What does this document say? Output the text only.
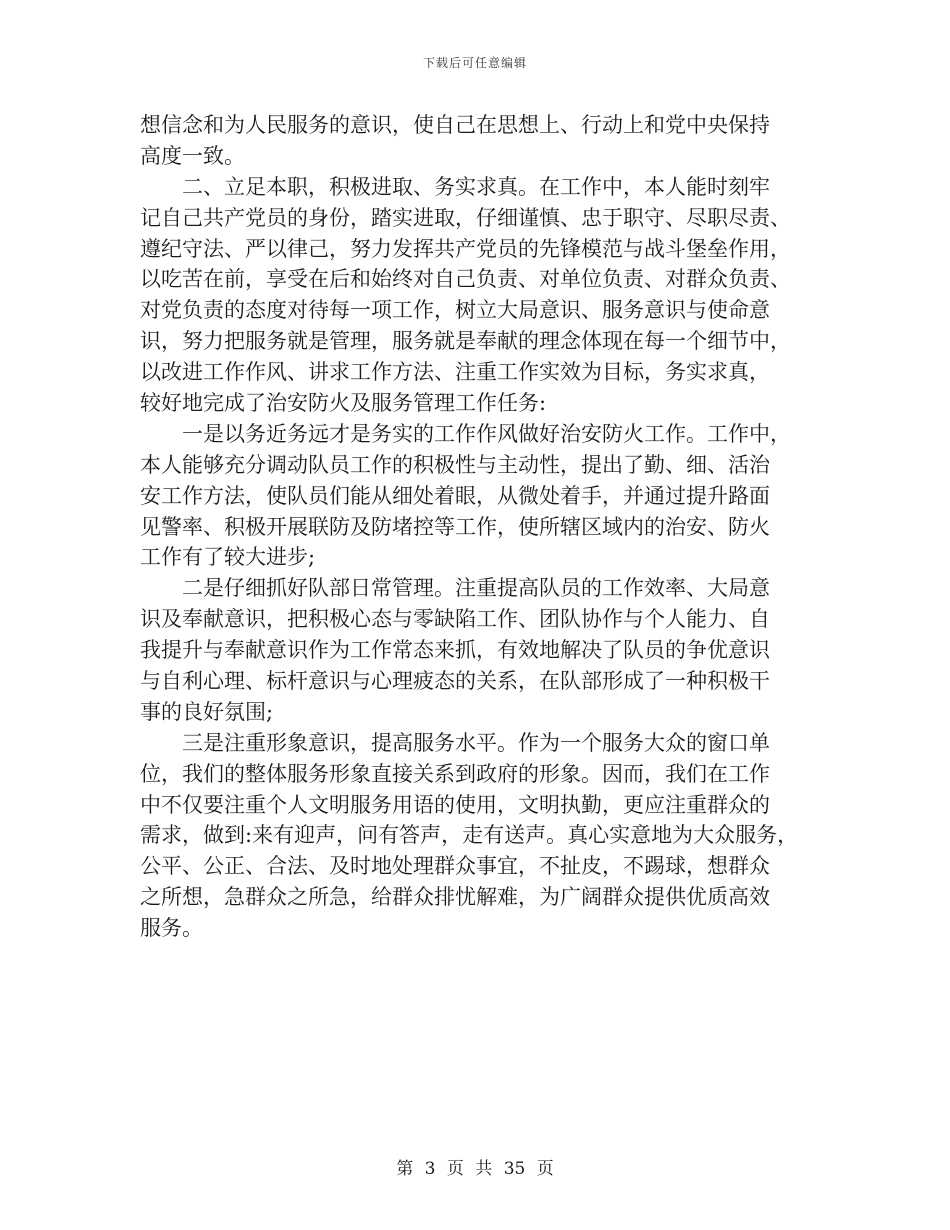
下载后可任意编辑
想信念和为人民服务的意识，使自己在思想上、行动上和党中央保持
高度一致。
二、立足本职，积极进取、务实求真。在工作中，本人能时刻牢
记自己共产党员的身份，踏实进取，仔细谨慎、忠于职守、尽职尽责、
遵纪守法、严以律己，努力发挥共产党员的先锋模范与战斗堡垒作用，
以吃苦在前，享受在后和始终对自己负责、对单位负责、对群众负责、
对党负责的态度对待每一项工作，树立大局意识、服务意识与使命意
识，努力把服务就是管理，服务就是奉献的理念体现在每一个细节中，
以改进工作作风、讲求工作方法、注重工作实效为目标，务实求真，
较好地完成了治安防火及服务管理工作任务:
一是以务近务远才是务实的工作作风做好治安防火工作。工作中，
本人能够充分调动队员工作的积极性与主动性，提出了勤、细、活治
安工作方法，使队员们能从细处着眼，从微处着手，并通过提升路面
见警率、积极开展联防及防堵控等工作，使所辖区域内的治安、防火
工作有了较大进步;
二是仔细抓好队部日常管理。注重提高队员的工作效率、大局意
识及奉献意识，把积极心态与零缺陷工作、团队协作与个人能力、自
我提升与奉献意识作为工作常态来抓，有效地解决了队员的争优意识
与自利心理、标杆意识与心理疲态的关系，在队部形成了一种积极干
事的良好氛围;
三是注重形象意识，提高服务水平。作为一个服务大众的窗口单
位，我们的整体服务形象直接关系到政府的形象。因而，我们在工作
中不仅要注重个人文明服务用语的使用，文明执勤，更应注重群众的
需求，做到:来有迎声，问有答声，走有送声。真心实意地为大众服务，
公平、公正、合法、及时地处理群众事宜，不扯皮，不踢球，想群众
之所想，急群众之所急，给群众排忧解难，为广阔群众提供优质高效
服务。
第 3 页 共 35 页
